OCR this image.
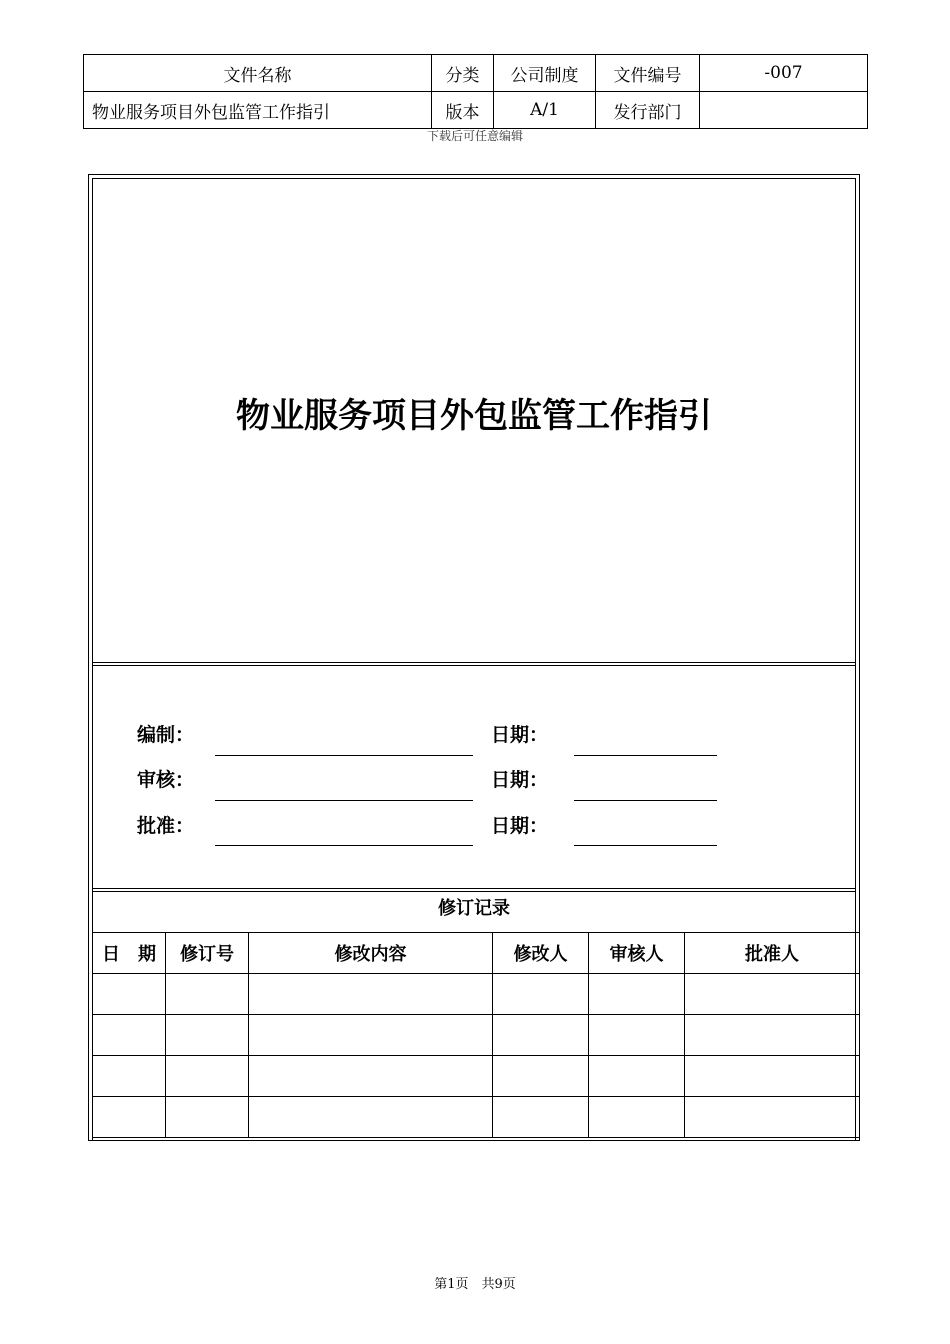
文件名称	分类	公司制度	文件编号	-007
物业服务项目外包监管工作指引	版本	A/1	发行部门	
下载后可任意编辑
物业服务项目外包监管工作指引
编制：	日期：
审核：	日期：
批准：	日期：
修订记录
日　期	修订号	修改内容	修改人	审核人	批准人

第1页　共9页
